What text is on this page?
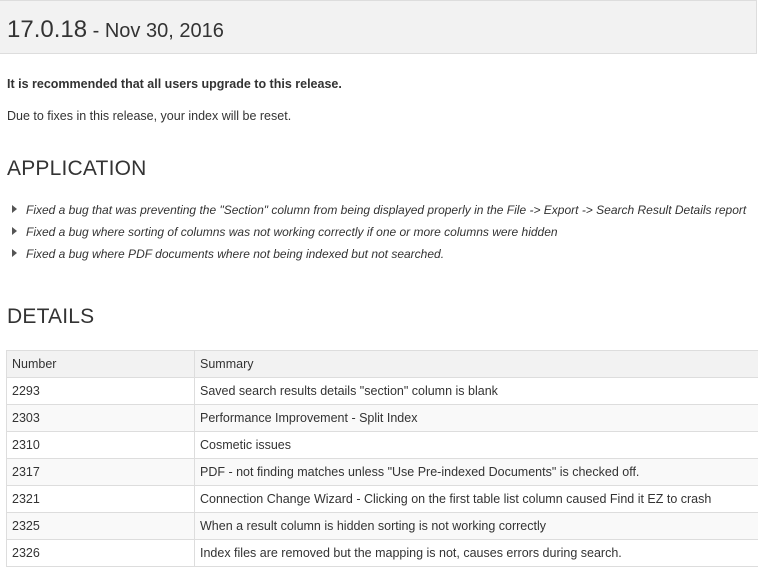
17.0.18 - Nov 30, 2016

It is recommended that all users upgrade to this release.

Due to fixes in this release, your index will be reset.

APPLICATION
Fixed a bug that was preventing the "Section" column from being displayed properly in the File -> Export -> Search Result Details report
Fixed a bug where sorting of columns was not working correctly if one or more columns were hidden
Fixed a bug where PDF documents where not being indexed but not searched.
DETAILS
Number	Summary
2293	Saved search results details "section" column is blank
2303	Performance Improvement - Split Index
2310	Cosmetic issues
2317	PDF - not finding matches unless "Use Pre-indexed Documents" is checked off.
2321	Connection Change Wizard - Clicking on the first table list column caused Find it EZ to crash
2325	When a result column is hidden sorting is not working correctly
2326	Index files are removed but the mapping is not, causes errors during search.
